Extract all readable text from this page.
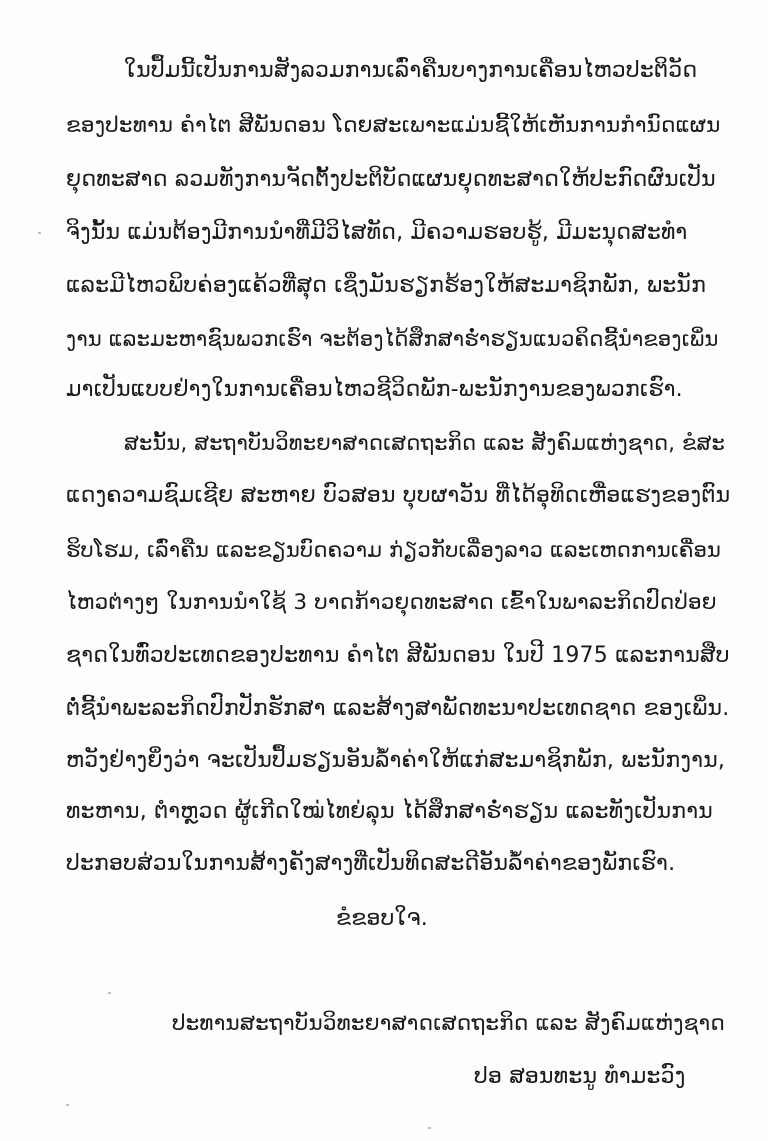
ໃນປຶ້ມນີ້ເປັນການສັງລວມການເລົ່າຄືນບາງການເຄື່ອນໄຫວປະຕິວັດ
ຂອງປະທານ ຄຳໄຕ ສີພັນດອນ ໂດຍສະເພາະແມ່ນຊີ້ໃຫ້ເຫັນການກຳນົດແຜນ
ຍຸດທະສາດ ລວມທັງການຈັດຕັ້ງປະຕິບັດແຜນຍຸດທະສາດໃຫ້ປະກົດຜົນເປັນ
ຈິງນັ້ນ ແມ່ນຕ້ອງມີການນຳທີ່ມີວິໄສທັດ, ມີຄວາມຮອບຮູ້, ມີມະນຸດສະທຳ
ແລະມີໄຫວພິບຄ່ອງແຄ້ວທີ່ສຸດ ເຊິ່ງມັນຮຽກຮ້ອງໃຫ້ສະມາຊິກພັກ, ພະນັກ
ງານ ແລະມະຫາຊົນພວກເຮົາ ຈະຕ້ອງໄດ້ສຶກສາຮໍ່າຮຽນແນວຄິດຊີ້ນຳຂອງເພິ່ນ
ມາເປັນແບບຢ່າງໃນການເຄື່ອນໄຫວຊີວິດພັກ-ພະນັກງານຂອງພວກເຮົາ.
ສະນັ້ນ, ສະຖາບັນວິທະຍາສາດເສດຖະກິດ ແລະ ສັງຄົມແຫ່ງຊາດ, ຂໍສະ
ແດງຄວາມຊົມເຊີຍ ສະຫາຍ ບົວສອນ ບຸບຜາວັນ ທີ່ໄດ້ອຸທິດເຫື່ອແຮງຂອງຕົນ
ຮິບໂຮມ, ເລົ່າຄືນ ແລະຂຽນບົດຄວາມ ກ່ຽວກັບເລື່ອງລາວ ແລະເຫດການເຄື່ອນ
ໄຫວຕ່າງໆ ໃນການນຳໃຊ້ 3 ບາດກ້າວຍຸດທະສາດ ເຂົ້າໃນພາລະກິດປົດປ່ອຍ
ຊາດໃນທົ່ວປະເທດຂອງປະທານ ຄຳໄຕ ສີພັນດອນ ໃນປີ 1975 ແລະການສືບ
ຕໍ່ຊີ້ນຳພະລະກິດປົກປັກຮັກສາ ແລະສ້າງສາພັດທະນາປະເທດຊາດ ຂອງເພິ່ນ.
ຫວັງຢ່າງຍິ່ງວ່າ ຈະເປັນປຶ້ມຮຽນອັນລ້ຳຄ່າໃຫ້ແກ່ສະມາຊິກພັກ, ພະນັກງານ,
ທະຫານ, ຕຳຫຼວດ ຜູ້ເກີດໃໝ່ໄທຍ່ລຸນ ໄດ້ສຶກສາຮໍ່າຮຽນ ແລະທັງເປັນການ
ປະກອບສ່ວນໃນການສ້າງຄັງສາງທີ່ເປັນທິດສະດີອັນລ້ຳຄ່າຂອງພັກເຮົາ.
ຂໍຂອບໃຈ.
ປະທານສະຖາບັນວິທະຍາສາດເສດຖະກິດ ແລະ ສັງຄົມແຫ່ງຊາດ
ປອ ສອນທະນູ ທຳມະວົງ
